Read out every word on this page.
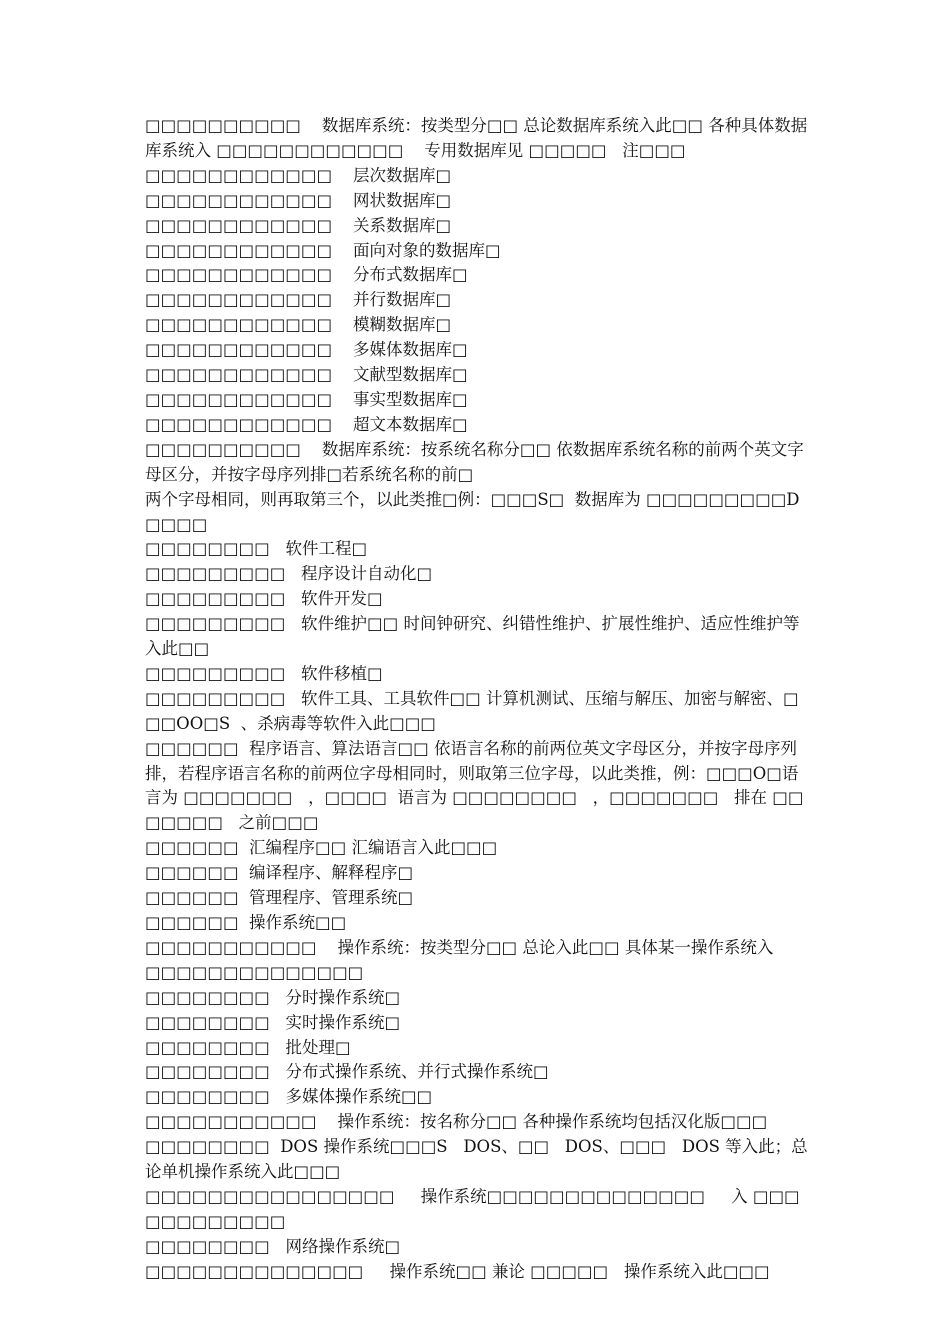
□□□□□□□□□□    数据库系统：按类型分□□ 总论数据库系统入此□□ 各种具体数据库系统入 □□□□□□□□□□□□    专用数据库见 □□□□□   注□□□
□□□□□□□□□□□□    层次数据库□
□□□□□□□□□□□□    网状数据库□
□□□□□□□□□□□□    关系数据库□
□□□□□□□□□□□□    面向对象的数据库□
□□□□□□□□□□□□    分布式数据库□
□□□□□□□□□□□□    并行数据库□
□□□□□□□□□□□□    模糊数据库□
□□□□□□□□□□□□    多媒体数据库□
□□□□□□□□□□□□    文献型数据库□
□□□□□□□□□□□□    事实型数据库□
□□□□□□□□□□□□    超文本数据库□
□□□□□□□□□□    数据库系统：按系统名称分□□ 依数据库系统名称的前两个英文字母区分，并按字母序列排□若系统名称的前□
两个字母相同，则再取第三个，以此类推□例：□□□S□  数据库为 □□□□□□□□□D□□□□
□□□□□□□□   软件工程□
□□□□□□□□□   程序设计自动化□
□□□□□□□□□   软件开发□
□□□□□□□□□   软件维护□□ 时间钟研究、纠错性维护、扩展性维护、适应性维护等入此□□
□□□□□□□□□   软件移植□
□□□□□□□□□   软件工具、工具软件□□ 计算机测试、压缩与解压、加密与解密、□□□OO□S  、杀病毒等软件入此□□□
□□□□□□  程序语言、算法语言□□ 依语言名称的前两位英文字母区分，并按字母序列排，若程序语言名称的前两位字母相同时，则取第三位字母，以此类推，例：□□□O□语言为 □□□□□□□   ，□□□□  语言为 □□□□□□□□   ，□□□□□□□   排在 □□□□□□□   之前□□□
□□□□□□  汇编程序□□ 汇编语言入此□□□
□□□□□□  编译程序、解释程序□
□□□□□□  管理程序、管理系统□
□□□□□□  操作系统□□
□□□□□□□□□□□    操作系统：按类型分□□ 总论入此□□ 具体某一操作系统入
□□□□□□□□□□□□□□
□□□□□□□□   分时操作系统□
□□□□□□□□   实时操作系统□
□□□□□□□□   批处理□
□□□□□□□□   分布式操作系统、并行式操作系统□
□□□□□□□□   多媒体操作系统□□
□□□□□□□□□□□    操作系统：按名称分□□ 各种操作系统均包括汉化版□□□
□□□□□□□□  DOS 操作系统□□□S   DOS、□□   DOS、□□□   DOS 等入此；总论单机操作系统入此□□□
□□□□□□□□□□□□□□□□     操作系统□□□□□□□□□□□□□□     入 □□□□□□□□□□□□
□□□□□□□□   网络操作系统□
□□□□□□□□□□□□□□     操作系统□□ 兼论 □□□□□   操作系统入此□□□
